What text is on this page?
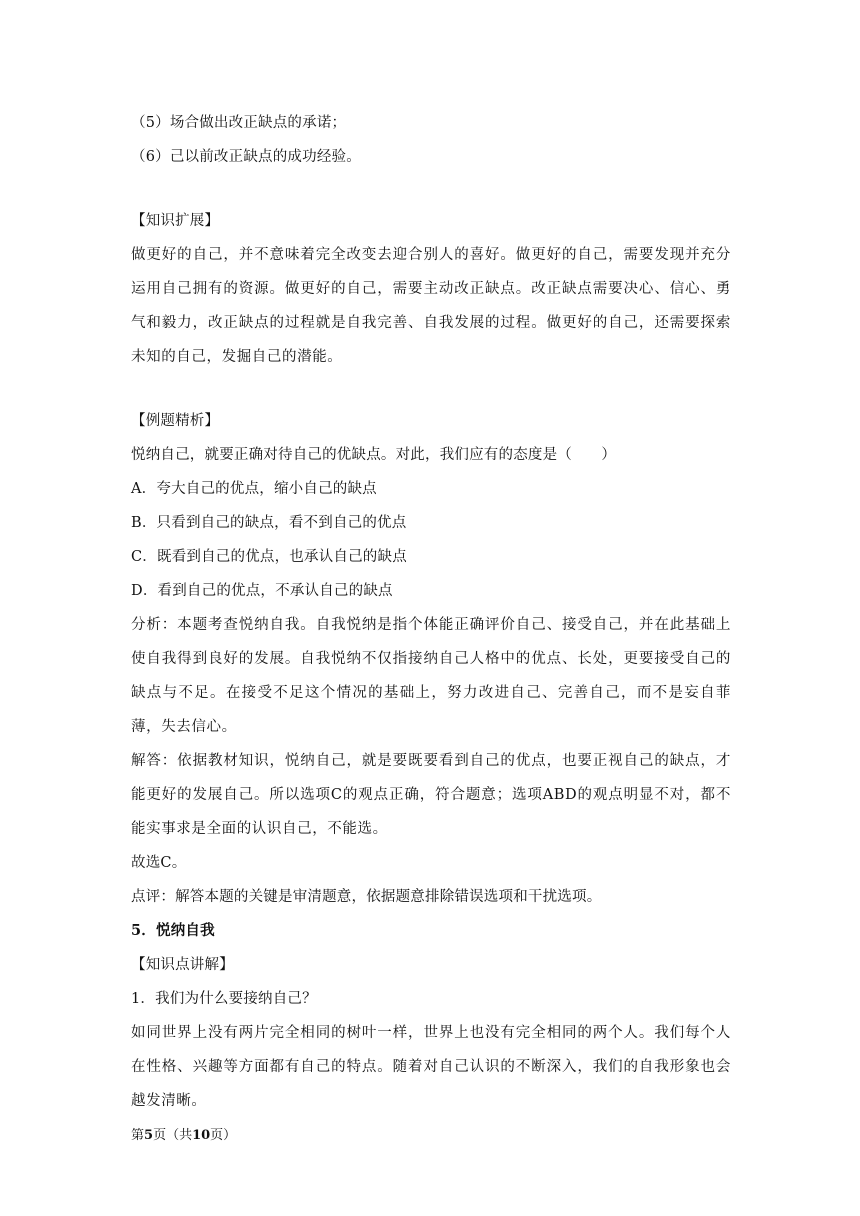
（5）场合做出改正缺点的承诺；
（6）己以前改正缺点的成功经验。
【知识扩展】
做更好的自己，并不意味着完全改变去迎合别人的喜好。做更好的自己，需要发现并充分运用自己拥有的资源。做更好的自己，需要主动改正缺点。改正缺点需要决心、信心、勇气和毅力，改正缺点的过程就是自我完善、自我发展的过程。做更好的自己，还需要探索未知的自己，发掘自己的潜能。
【例题精析】
悦纳自己，就要正确对待自己的优缺点。对此，我们应有的态度是（　　）
A．夸大自己的优点，缩小自己的缺点
B．只看到自己的缺点，看不到自己的优点
C．既看到自己的优点，也承认自己的缺点
D．看到自己的优点，不承认自己的缺点
分析：本题考查悦纳自我。自我悦纳是指个体能正确评价自己、接受自己，并在此基础上使自我得到良好的发展。自我悦纳不仅指接纳自己人格中的优点、长处，更要接受自己的缺点与不足。在接受不足这个情况的基础上，努力改进自己、完善自己，而不是妄自菲薄，失去信心。
解答：依据教材知识，悦纳自己，就是要既要看到自己的优点，也要正视自己的缺点，才能更好的发展自己。所以选项C的观点正确，符合题意；选项ABD的观点明显不对，都不能实事求是全面的认识自己，不能选。
故选C。
点评：解答本题的关键是审清题意，依据题意排除错误选项和干扰选项。
5．悦纳自我
【知识点讲解】
1．我们为什么要接纳自己？
如同世界上没有两片完全相同的树叶一样，世界上也没有完全相同的两个人。我们每个人在性格、兴趣等方面都有自己的特点。随着对自己认识的不断深入，我们的自我形象也会越发清晰。
第5页（共10页）
